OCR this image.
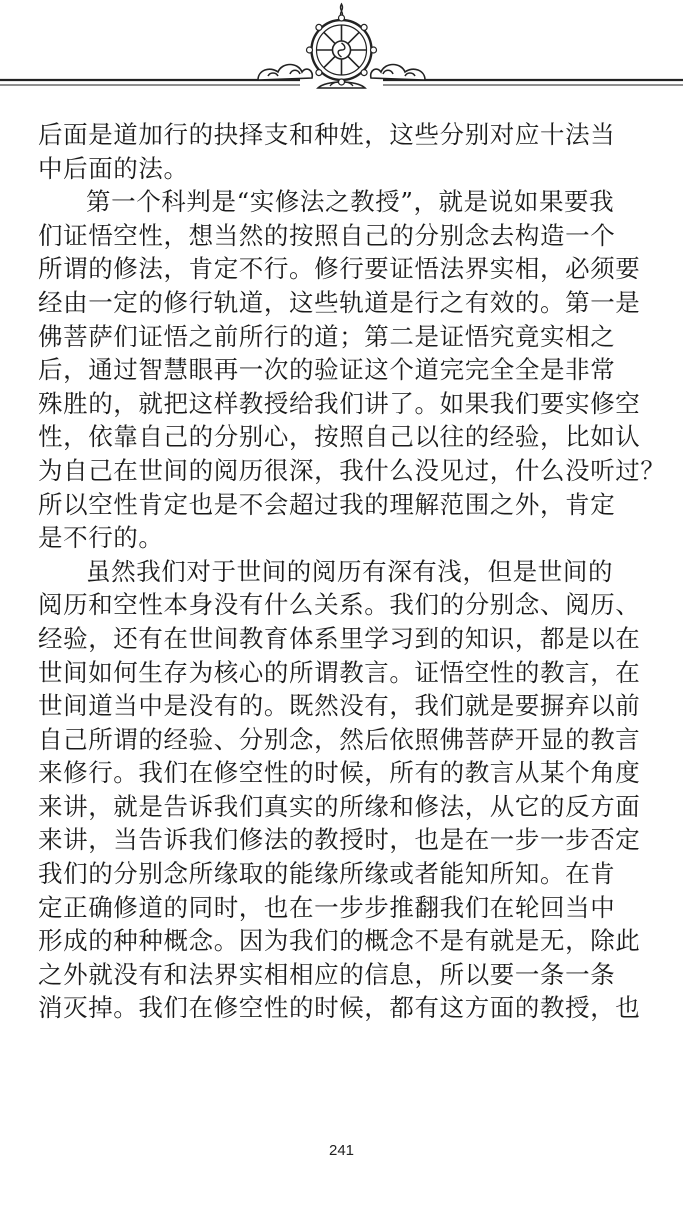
后面是道加行的抉择支和种姓，这些分别对应十法当
中后面的法。
第一个科判是“实修法之教授”，就是说如果要我
们证悟空性，想当然的按照自己的分别念去构造一个
所谓的修法，肯定不行。修行要证悟法界实相，必须要
经由一定的修行轨道，这些轨道是行之有效的。第一是
佛菩萨们证悟之前所行的道；第二是证悟究竟实相之
后，通过智慧眼再一次的验证这个道完完全全是非常
殊胜的，就把这样教授给我们讲了。如果我们要实修空
性，依靠自己的分别心，按照自己以往的经验，比如认
为自己在世间的阅历很深，我什么没见过，什么没听过？
所以空性肯定也是不会超过我的理解范围之外，肯定
是不行的。
虽然我们对于世间的阅历有深有浅，但是世间的
阅历和空性本身没有什么关系。我们的分别念、阅历、
经验，还有在世间教育体系里学习到的知识，都是以在
世间如何生存为核心的所谓教言。证悟空性的教言，在
世间道当中是没有的。既然没有，我们就是要摒弃以前
自己所谓的经验、分别念，然后依照佛菩萨开显的教言
来修行。我们在修空性的时候，所有的教言从某个角度
来讲，就是告诉我们真实的所缘和修法，从它的反方面
来讲，当告诉我们修法的教授时，也是在一步一步否定
我们的分别念所缘取的能缘所缘或者能知所知。在肯
定正确修道的同时，也在一步步推翻我们在轮回当中
形成的种种概念。因为我们的概念不是有就是无，除此
之外就没有和法界实相相应的信息，所以要一条一条
消灭掉。我们在修空性的时候，都有这方面的教授，也
241
